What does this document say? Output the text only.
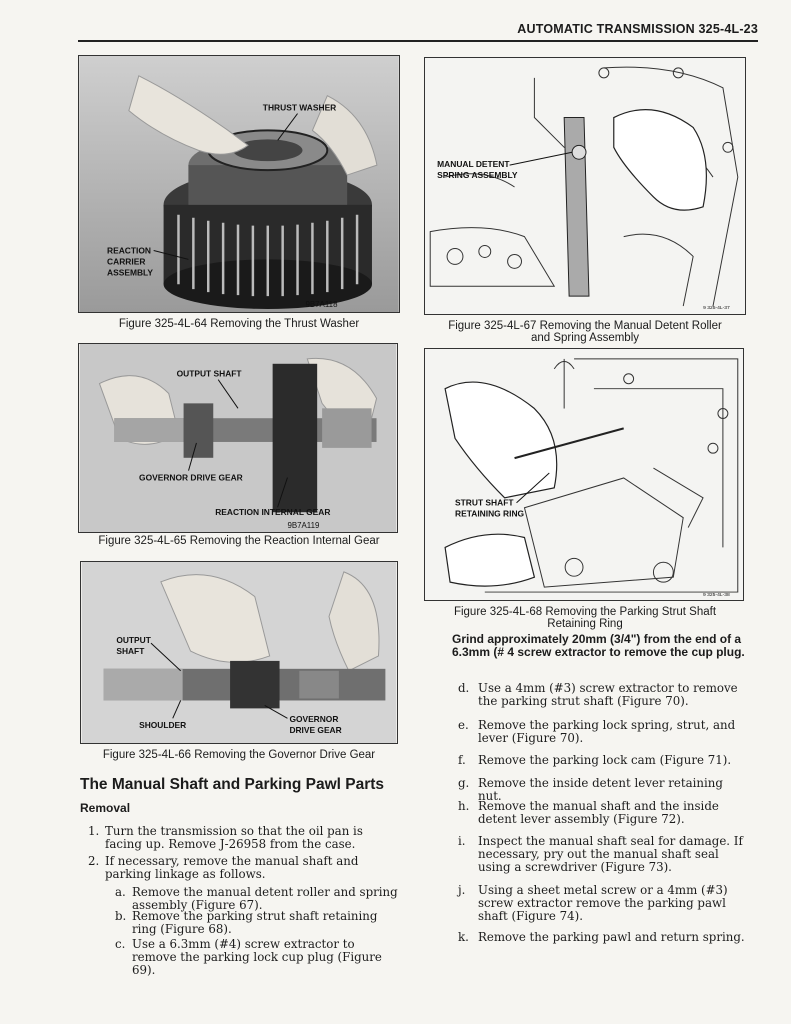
AUTOMATIC TRANSMISSION 325-4L-23
THRUST WASHER
REACTION
CARRIER
ASSEMBLY
9B7A118
Figure 325-4L-64 Removing the Thrust Washer
OUTPUT SHAFT
GOVERNOR DRIVE GEAR
REACTION INTERNAL GEAR
9B7A119
Figure 325-4L-65 Removing the Reaction Internal Gear
OUTPUT
SHAFT
SHOULDER
GOVERNOR
DRIVE GEAR
Figure 325-4L-66 Removing the Governor Drive Gear
MANUAL DETENT
SPRING ASSEMBLY
9 325-4L-37
Figure 325-4L-67 Removing the Manual Detent Roller
and Spring Assembly
STRUT SHAFT
RETAINING RING
9 325-4L-38
Figure 325-4L-68 Removing the Parking Strut Shaft
Retaining Ring
Grind approximately 20mm (3/4") from the end of a 6.3mm (# 4 screw extractor to remove the cup plug.
The Manual Shaft and Parking Pawl Parts
Removal
1. Turn the transmission so that the oil pan is facing up. Remove J-26958 from the case.
2. If necessary, remove the manual shaft and parking linkage as follows.
a. Remove the manual detent roller and spring assembly (Figure 67).
b. Remove the parking strut shaft retaining ring (Figure 68).
c. Use a 6.3mm (#4) screw extractor to remove the parking lock cup plug (Figure 69).
d. Use a 4mm (#3) screw extractor to remove the parking strut shaft (Figure 70).
e. Remove the parking lock spring, strut, and lever (Figure 70).
f. Remove the parking lock cam (Figure 71).
g. Remove the inside detent lever retaining nut.
h. Remove the manual shaft and the inside detent lever assembly (Figure 72).
i. Inspect the manual shaft seal for damage. If necessary, pry out the manual shaft seal using a screwdriver (Figure 73).
j. Using a sheet metal screw or a 4mm (#3) screw extractor remove the parking pawl shaft (Figure 74).
k. Remove the parking pawl and return spring.
